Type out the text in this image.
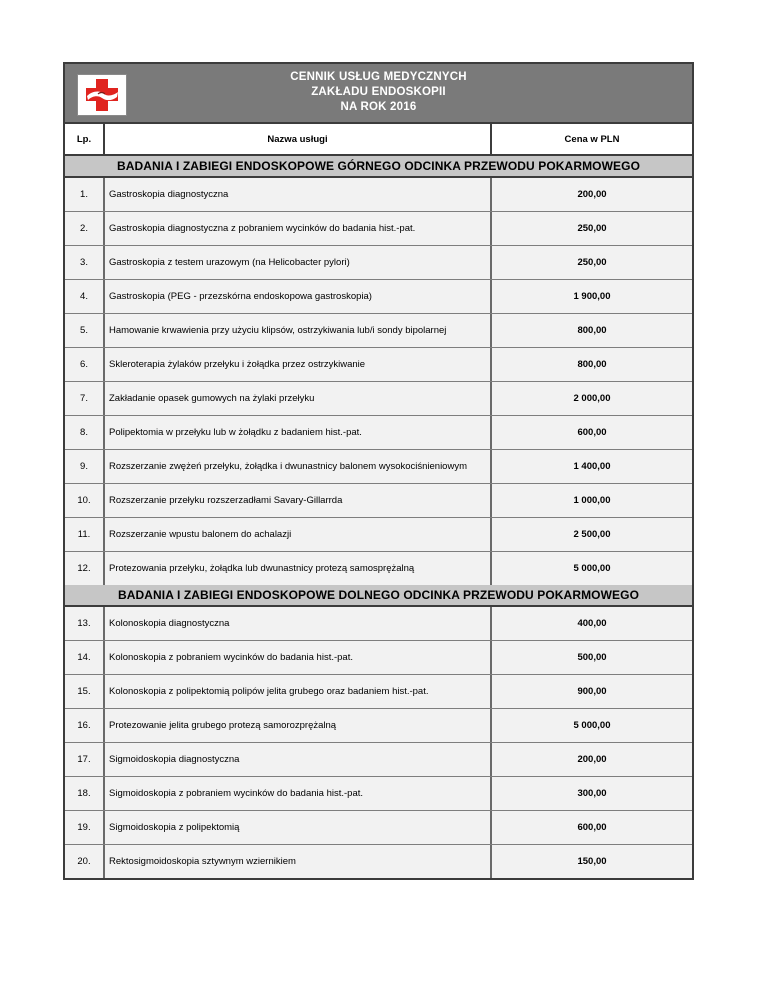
CENNIK USŁUG MEDYCZNYCH
ZAKŁADU ENDOSKOPII
NA ROK 2016
Lp.	Nazwa usługi	Cena w PLN
BADANIA I ZABIEGI ENDOSKOPOWE GÓRNEGO ODCINKA PRZEWODU POKARMOWEGO
1.	Gastroskopia diagnostyczna	200,00
2.	Gastroskopia diagnostyczna z pobraniem wycinków do badania hist.-pat.	250,00
3.	Gastroskopia z testem urazowym (na Helicobacter pylori)	250,00
4.	Gastroskopia (PEG - przezskórna endoskopowa gastroskopia)	1 900,00
5.	Hamowanie krwawienia przy użyciu klipsów, ostrzykiwania lub/i sondy bipolarnej	800,00
6.	Skleroterapia żylaków przełyku i żołądka przez ostrzykiwanie	800,00
7.	Zakładanie opasek gumowych na żylaki przełyku	2 000,00
8.	Polipektomia w przełyku lub w żołądku z badaniem hist.-pat.	600,00
9.	Rozszerzanie zwężeń przełyku, żołądka i dwunastnicy balonem wysokociśnieniowym	1 400,00
10.	Rozszerzanie przełyku rozszerzadłami Savary-Gillarrda	1 000,00
11.	Rozszerzanie wpustu balonem do achalazji	2 500,00
12.	Protezowania przełyku, żołądka lub dwunastnicy protezą samosprężalną	5 000,00
BADANIA I ZABIEGI ENDOSKOPOWE DOLNEGO ODCINKA PRZEWODU POKARMOWEGO
13.	Kolonoskopia diagnostyczna	400,00
14.	Kolonoskopia z pobraniem wycinków do badania hist.-pat.	500,00
15.	Kolonoskopia z polipektomią polipów jelita grubego oraz badaniem hist.-pat.	900,00
16.	Protezowanie jelita grubego protezą samorozprężalną	5 000,00
17.	Sigmoidoskopia diagnostyczna	200,00
18.	Sigmoidoskopia z pobraniem wycinków do badania hist.-pat.	300,00
19.	Sigmoidoskopia z polipektomią	600,00
20.	Rektosigmoidoskopia sztywnym wziernikiem	150,00
